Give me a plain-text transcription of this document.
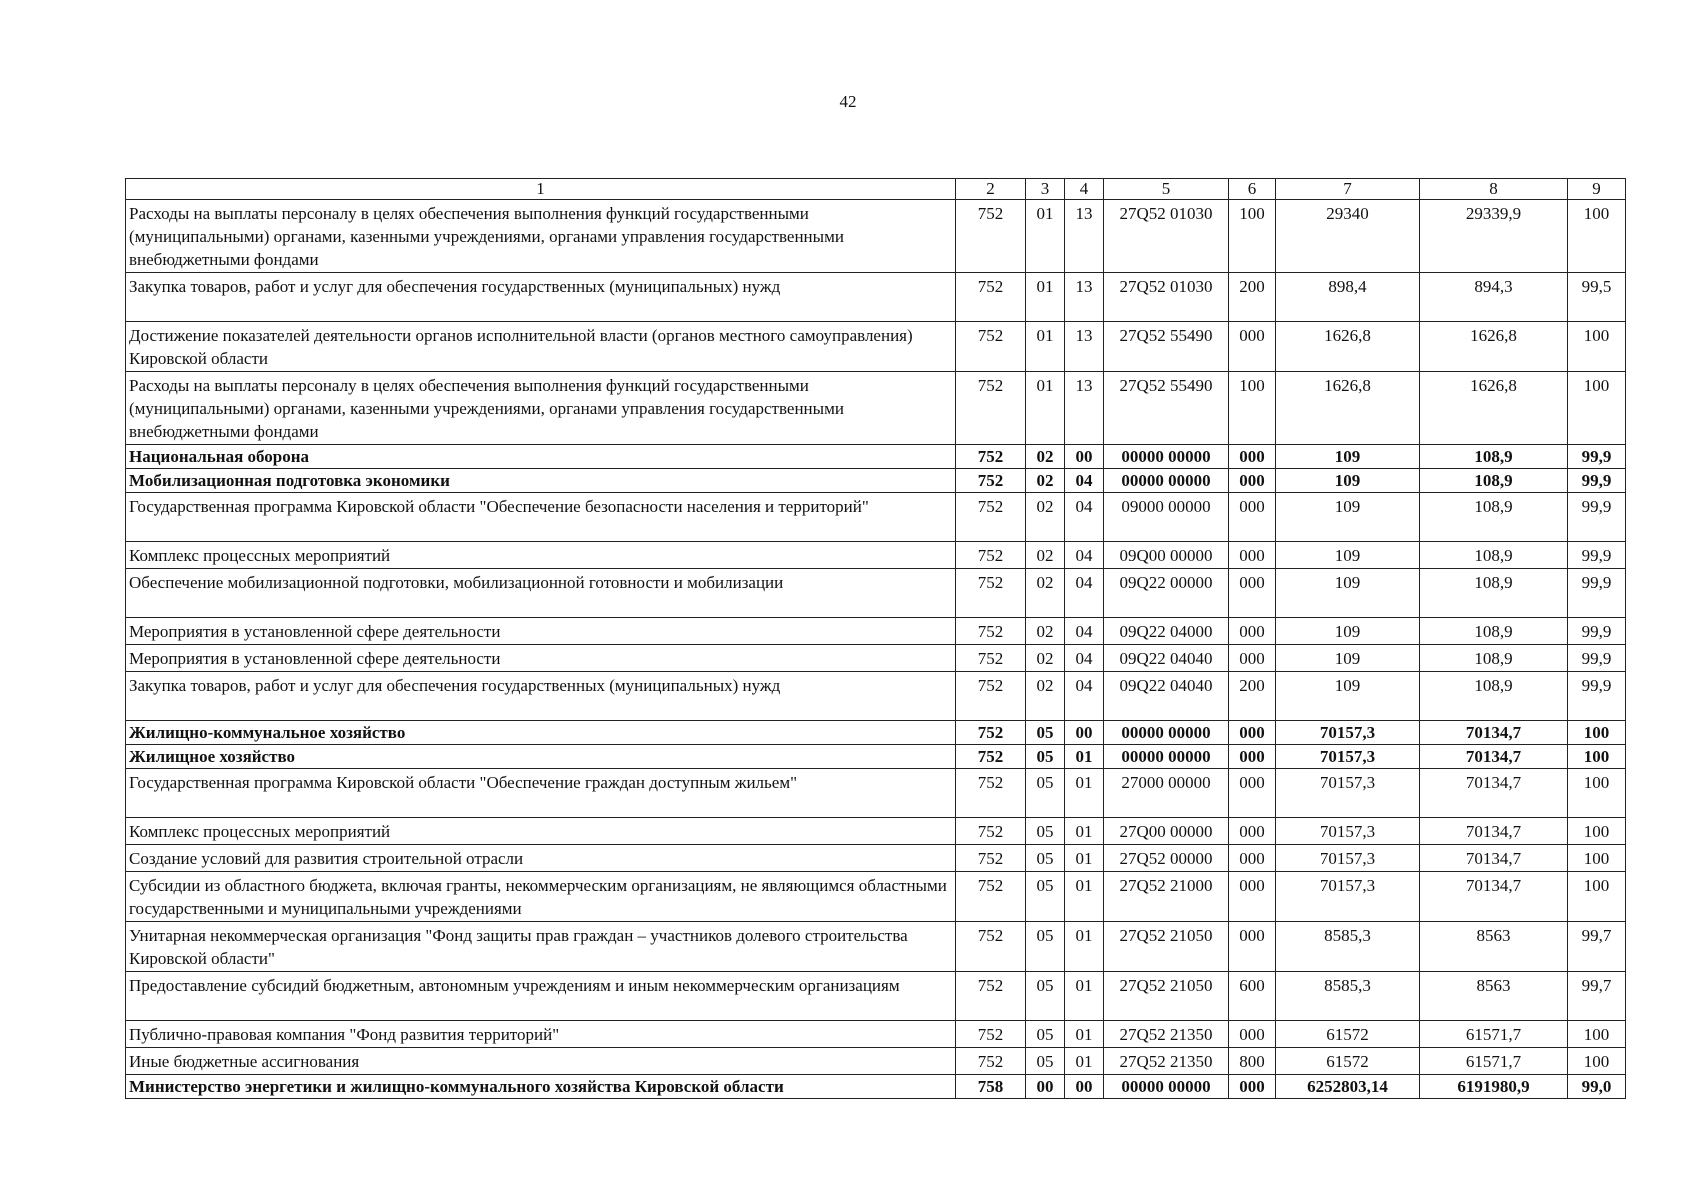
42
1	2	3	4	5	6	7	8	9
Расходы на выплаты персоналу в целях обеспечения выполнения функций государственными (муниципальными) органами, казенными учреждениями, органами управления государственными внебюджетными фондами	752	01	13	27Q52 01030	100	29340	29339,9	100
Закупка товаров, работ и услуг для обеспечения государственных (муниципальных) нужд	752	01	13	27Q52 01030	200	898,4	894,3	99,5
Достижение показателей деятельности органов исполнительной власти (органов местного самоуправления) Кировской области	752	01	13	27Q52 55490	000	1626,8	1626,8	100
Расходы на выплаты персоналу в целях обеспечения выполнения функций государственными (муниципальными) органами, казенными учреждениями, органами управления государственными внебюджетными фондами	752	01	13	27Q52 55490	100	1626,8	1626,8	100
Национальная оборона	752	02	00	00000 00000	000	109	108,9	99,9
Мобилизационная подготовка экономики	752	02	04	00000 00000	000	109	108,9	99,9
Государственная программа Кировской области "Обеспечение безопасности населения и территорий"	752	02	04	09000 00000	000	109	108,9	99,9
Комплекс процессных мероприятий	752	02	04	09Q00 00000	000	109	108,9	99,9
Обеспечение мобилизационной подготовки, мобилизационной готовности и мобилизации	752	02	04	09Q22 00000	000	109	108,9	99,9
Мероприятия в установленной сфере деятельности	752	02	04	09Q22 04000	000	109	108,9	99,9
Мероприятия в установленной сфере деятельности	752	02	04	09Q22 04040	000	109	108,9	99,9
Закупка товаров, работ и услуг для обеспечения государственных (муниципальных) нужд	752	02	04	09Q22 04040	200	109	108,9	99,9
Жилищно-коммунальное хозяйство	752	05	00	00000 00000	000	70157,3	70134,7	100
Жилищное хозяйство	752	05	01	00000 00000	000	70157,3	70134,7	100
Государственная программа Кировской области "Обеспечение граждан доступным жильем"	752	05	01	27000 00000	000	70157,3	70134,7	100
Комплекс процессных мероприятий	752	05	01	27Q00 00000	000	70157,3	70134,7	100
Создание условий для развития строительной отрасли	752	05	01	27Q52 00000	000	70157,3	70134,7	100
Субсидии из областного бюджета, включая гранты, некоммерческим организациям, не являющимся областными государственными и муниципальными учреждениями	752	05	01	27Q52 21000	000	70157,3	70134,7	100
Унитарная некоммерческая организация "Фонд защиты прав граждан – участников долевого строительства Кировской области"	752	05	01	27Q52 21050	000	8585,3	8563	99,7
Предоставление субсидий бюджетным, автономным учреждениям и иным некоммерческим организациям	752	05	01	27Q52 21050	600	8585,3	8563	99,7
Публично-правовая компания "Фонд развития территорий"	752	05	01	27Q52 21350	000	61572	61571,7	100
Иные бюджетные ассигнования	752	05	01	27Q52 21350	800	61572	61571,7	100
Министерство энергетики и жилищно-коммунального хозяйства Кировской области	758	00	00	00000 00000	000	6252803,14	6191980,9	99,0
